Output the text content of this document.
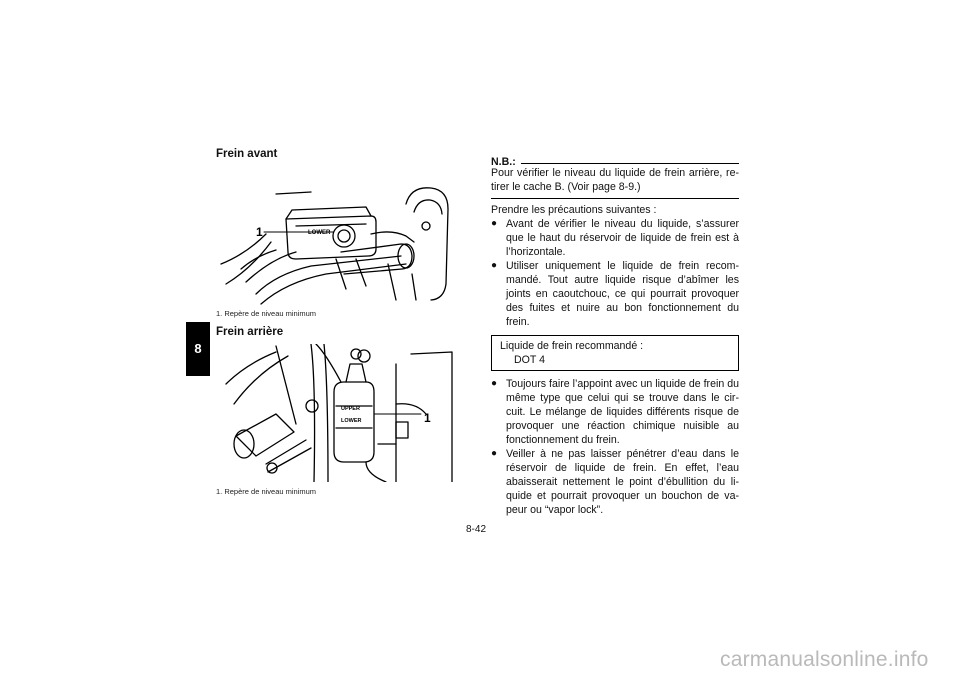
8
Frein avant
1	LOWER
1. Repère de niveau minimum
Frein arrière
1
UPPER
LOWER
1. Repère de niveau minimum
N.B.:
Pour vérifier le niveau du liquide de frein arrière, re-tirer le cache B. (Voir page 8-9.)
Prendre les précautions suivantes :
● Avant de vérifier le niveau du liquide, s’assurer que le haut du réservoir de liquide de frein est à l’horizontale.
● Utiliser uniquement le liquide de frein recom-mandé. Tout autre liquide risque d’abîmer les joints en caoutchouc, ce qui pourrait provoquer des fuites et nuire au bon fonctionnement du frein.
Liquide de frein recommandé :
DOT 4
● Toujours faire l’appoint avec un liquide de frein du même type que celui qui se trouve dans le cir-cuit. Le mélange de liquides différents risque de provoquer une réaction chimique nuisible au fonctionnement du frein.
● Veiller à ne pas laisser pénétrer d’eau dans le réservoir de liquide de frein. En effet, l’eau abaisserait nettement le point d’ébullition du li-quide et pourrait provoquer un bouchon de va-peur ou “vapor lock”.
8-42
carmanualsonline.info
